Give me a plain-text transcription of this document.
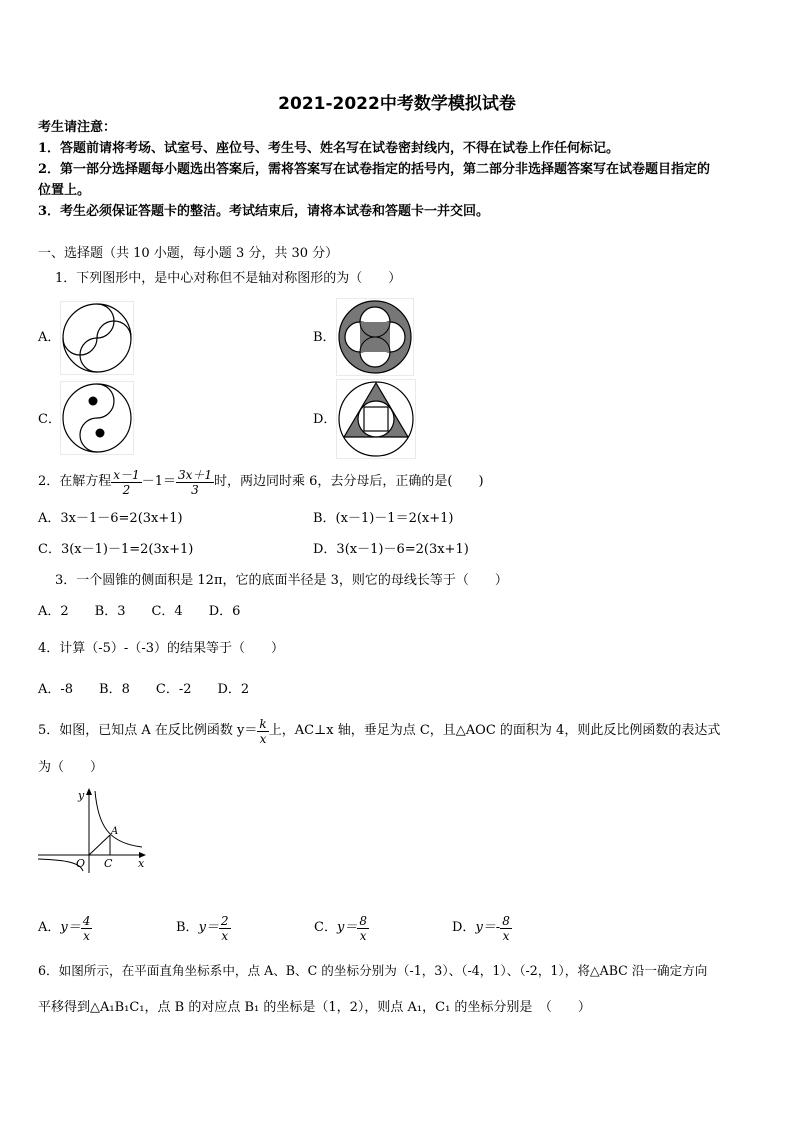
2021-2022中考数学模拟试卷
考生请注意：
1．答题前请将考场、试室号、座位号、考生号、姓名写在试卷密封线内，不得在试卷上作任何标记。
2．第一部分选择题每小题选出答案后，需将答案写在试卷指定的括号内，第二部分非选择题答案写在试卷题目指定的
位置上。
3．考生必须保证答题卡的整洁。考试结束后，请将本试卷和答题卡一并交回。
一、选择题（共 10 小题，每小题 3 分，共 30 分）
1．下列图形中，是中心对称但不是轴对称图形的为（　　）
A．	B．
C．	D．
2．在解方程 $\frac{x-1}{2} -1= \frac{3x+1}{3}$ 时，两边同时乘 6，去分母后，正确的是(　　)
A．3x－1－6=2(3x+1)	B．(x－1)－1＝2(x+1)
C．3(x－1)－1=2(3x+1)	D．3(x－1)－6=2(3x+1)
3．一个圆锥的侧面积是 12π，它的底面半径是 3，则它的母线长等于（　　）
A．2　　B．3　　C．4　　D．6
4．计算（-5）-（-3）的结果等于（　　）
A．-8　　B．8　　C．-2　　D．2
5．如图，已知点 A 在反比例函数 $y= \frac{k}{x}$ 上，AC⊥x 轴，垂足为点 C，且△AOC 的面积为 4，则此反比例函数的表达式
为（　　）
y
x
O C
A
A． $y= \frac{4}{x}$	B． $y= \frac{2}{x}$	C． $y= \frac{8}{x}$	D． $y=- \frac{8}{x}$
6．如图所示，在平面直角坐标系中，点 A、B、C 的坐标分别为（-1，3）、（-4，1）、（-2，1），将△ABC 沿一确定方向
平移得到△A₁B₁C₁，点 B 的对应点 B₁ 的坐标是（1，2），则点 A₁，C₁ 的坐标分别是　（　　）
